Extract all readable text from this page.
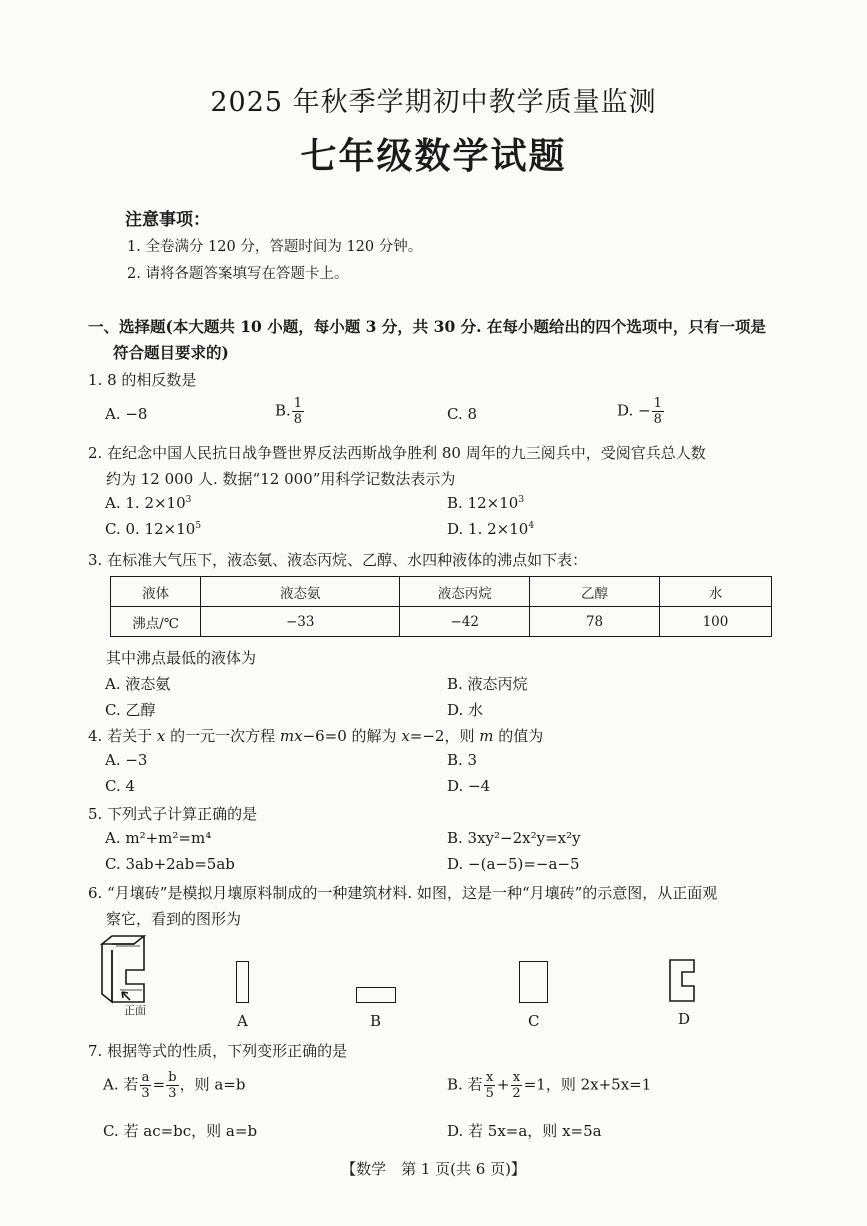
2025 年秋季学期初中教学质量监测
七年级数学试题
注意事项：
1. 全卷满分 120 分，答题时间为 120 分钟。
2. 请将各题答案填写在答题卡上。
一、选择题(本大题共 10 小题，每小题 3 分，共 30 分. 在每小题给出的四个选项中，只有一项是
符合题目要求的)
1. 8 的相反数是
A. −8	B. $\frac{1}{8}$	C. 8	D. − $\frac{1}{8}$
2. 在纪念中国人民抗日战争暨世界反法西斯战争胜利 80 周年的九三阅兵中，受阅官兵总人数
约为 12 000 人. 数据“12 000”用科学记数法表示为
A. 1. $2\times 10^3$	B. $12\times 10^3$
C. 0. $12\times 10^5$	D. 1. $2\times 10^4$
3. 在标准大气压下，液态氨、液态丙烷、乙醇、水四种液体的沸点如下表：
液体	液态氨	液态丙烷	乙醇	水
沸点/℃	−33	−42	78	100
其中沸点最低的液体为
A. 液态氨	B. 液态丙烷
C. 乙醇	D. 水
4. 若关于 x 的一元一次方程 mx−6=0 的解为 x=−2，则 m 的值为
A. −3	B. 3
C. 4	D. −4
5. 下列式子计算正确的是
A. m²+m²=m⁴	B. 3xy²−2x²y=x²y
C. 3ab+2ab=5ab	D. −(a−5)=−a−5
6. “月壤砖”是模拟月壤原料制成的一种建筑材料. 如图，这是一种“月壤砖”的示意图，从正面观
察它，看到的图形为
正面
A	B	C	D
7. 根据等式的性质，下列变形正确的是
A. 若 $\frac{a}{3} = \frac{b}{3}$ ，则 a=b	B. 若 $\frac{x}{5} + \frac{x}{2} =1$，则 2x+5x=1
C. 若 ac=bc，则 a=b	D. 若 5x=a，则 x=5a
【数学　第 1 页(共 6 页)】
